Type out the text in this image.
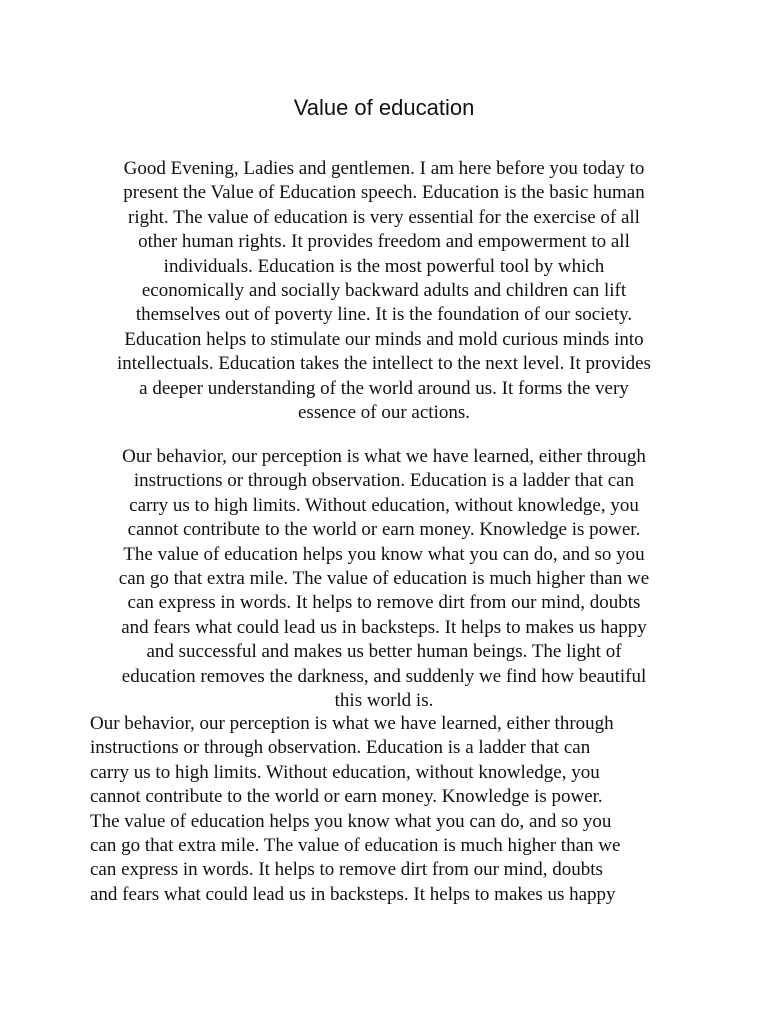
Value of education
Good Evening, Ladies and gentlemen. I am here before you today to
present the Value of Education speech. Education is the basic human
right. The value of education is very essential for the exercise of all
other human rights. It provides freedom and empowerment to all
individuals. Education is the most powerful tool by which
economically and socially backward adults and children can lift
themselves out of poverty line. It is the foundation of our society.
Education helps to stimulate our minds and mold curious minds into
intellectuals. Education takes the intellect to the next level. It provides
a deeper understanding of the world around us. It forms the very
essence of our actions.
Our behavior, our perception is what we have learned, either through
instructions or through observation. Education is a ladder that can
carry us to high limits. Without education, without knowledge, you
cannot contribute to the world or earn money. Knowledge is power.
The value of education helps you know what you can do, and so you
can go that extra mile. The value of education is much higher than we
can express in words. It helps to remove dirt from our mind, doubts
and fears what could lead us in backsteps. It helps to makes us happy
and successful and makes us better human beings. The light of
education removes the darkness, and suddenly we find how beautiful
this world is.
Our behavior, our perception is what we have learned, either through
instructions or through observation. Education is a ladder that can
carry us to high limits. Without education, without knowledge, you
cannot contribute to the world or earn money. Knowledge is power.
The value of education helps you know what you can do, and so you
can go that extra mile. The value of education is much higher than we
can express in words. It helps to remove dirt from our mind, doubts
and fears what could lead us in backsteps. It helps to makes us happy
